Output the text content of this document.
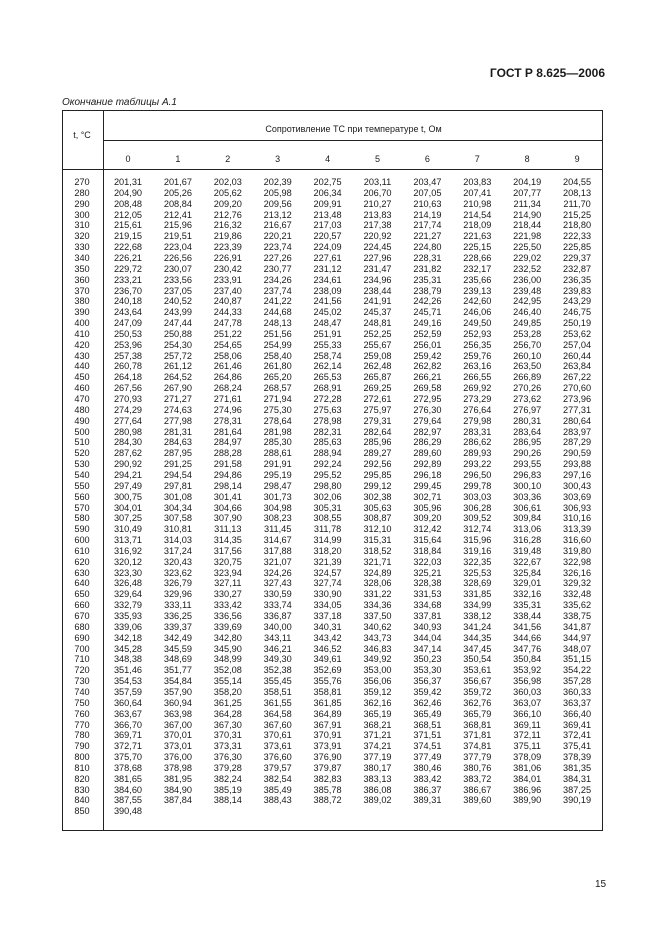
ГОСТ Р 8.625—2006
Окончание таблицы А.1
t, °C
Сопротивление ТС при температуре t, Ом
0	1	2	3	4	5	6	7	8	9
270	201,31	201,67	202,03	202,39	202,75	203,11	203,47	203,83	204,19	204,55
280	204,90	205,26	205,62	205,98	206,34	206,70	207,05	207,41	207,77	208,13
290	208,48	208,84	209,20	209,56	209,91	210,27	210,63	210,98	211,34	211,70
300	212,05	212,41	212,76	213,12	213,48	213,83	214,19	214,54	214,90	215,25
310	215,61	215,96	216,32	216,67	217,03	217,38	217,74	218,09	218,44	218,80
320	219,15	219,51	219,86	220,21	220,57	220,92	221,27	221,63	221,98	222,33
330	222,68	223,04	223,39	223,74	224,09	224,45	224,80	225,15	225,50	225,85
340	226,21	226,56	226,91	227,26	227,61	227,96	228,31	228,66	229,02	229,37
350	229,72	230,07	230,42	230,77	231,12	231,47	231,82	232,17	232,52	232,87
360	233,21	233,56	233,91	234,26	234,61	234,96	235,31	235,66	236,00	236,35
370	236,70	237,05	237,40	237,74	238,09	238,44	238,79	239,13	239,48	239,83
380	240,18	240,52	240,87	241,22	241,56	241,91	242,26	242,60	242,95	243,29
390	243,64	243,99	244,33	244,68	245,02	245,37	245,71	246,06	246,40	246,75
400	247,09	247,44	247,78	248,13	248,47	248,81	249,16	249,50	249,85	250,19
410	250,53	250,88	251,22	251,56	251,91	252,25	252,59	252,93	253,28	253,62
420	253,96	254,30	254,65	254,99	255,33	255,67	256,01	256,35	256,70	257,04
430	257,38	257,72	258,06	258,40	258,74	259,08	259,42	259,76	260,10	260,44
440	260,78	261,12	261,46	261,80	262,14	262,48	262,82	263,16	263,50	263,84
450	264,18	264,52	264,86	265,20	265,53	265,87	266,21	266,55	266,89	267,22
460	267,56	267,90	268,24	268,57	268,91	269,25	269,58	269,92	270,26	270,60
470	270,93	271,27	271,61	271,94	272,28	272,61	272,95	273,29	273,62	273,96
480	274,29	274,63	274,96	275,30	275,63	275,97	276,30	276,64	276,97	277,31
490	277,64	277,98	278,31	278,64	278,98	279,31	279,64	279,98	280,31	280,64
500	280,98	281,31	281,64	281,98	282,31	282,64	282,97	283,31	283,64	283,97
510	284,30	284,63	284,97	285,30	285,63	285,96	286,29	286,62	286,95	287,29
520	287,62	287,95	288,28	288,61	288,94	289,27	289,60	289,93	290,26	290,59
530	290,92	291,25	291,58	291,91	292,24	292,56	292,89	293,22	293,55	293,88
540	294,21	294,54	294,86	295,19	295,52	295,85	296,18	296,50	296,83	297,16
550	297,49	297,81	298,14	298,47	298,80	299,12	299,45	299,78	300,10	300,43
560	300,75	301,08	301,41	301,73	302,06	302,38	302,71	303,03	303,36	303,69
570	304,01	304,34	304,66	304,98	305,31	305,63	305,96	306,28	306,61	306,93
580	307,25	307,58	307,90	308,23	308,55	308,87	309,20	309,52	309,84	310,16
590	310,49	310,81	311,13	311,45	311,78	312,10	312,42	312,74	313,06	313,39
600	313,71	314,03	314,35	314,67	314,99	315,31	315,64	315,96	316,28	316,60
610	316,92	317,24	317,56	317,88	318,20	318,52	318,84	319,16	319,48	319,80
620	320,12	320,43	320,75	321,07	321,39	321,71	322,03	322,35	322,67	322,98
630	323,30	323,62	323,94	324,26	324,57	324,89	325,21	325,53	325,84	326,16
640	326,48	326,79	327,11	327,43	327,74	328,06	328,38	328,69	329,01	329,32
650	329,64	329,96	330,27	330,59	330,90	331,22	331,53	331,85	332,16	332,48
660	332,79	333,11	333,42	333,74	334,05	334,36	334,68	334,99	335,31	335,62
670	335,93	336,25	336,56	336,87	337,18	337,50	337,81	338,12	338,44	338,75
680	339,06	339,37	339,69	340,00	340,31	340,62	340,93	341,24	341,56	341,87
690	342,18	342,49	342,80	343,11	343,42	343,73	344,04	344,35	344,66	344,97
700	345,28	345,59	345,90	346,21	346,52	346,83	347,14	347,45	347,76	348,07
710	348,38	348,69	348,99	349,30	349,61	349,92	350,23	350,54	350,84	351,15
720	351,46	351,77	352,08	352,38	352,69	353,00	353,30	353,61	353,92	354,22
730	354,53	354,84	355,14	355,45	355,76	356,06	356,37	356,67	356,98	357,28
740	357,59	357,90	358,20	358,51	358,81	359,12	359,42	359,72	360,03	360,33
750	360,64	360,94	361,25	361,55	361,85	362,16	362,46	362,76	363,07	363,37
760	363,67	363,98	364,28	364,58	364,89	365,19	365,49	365,79	366,10	366,40
770	366,70	367,00	367,30	367,60	367,91	368,21	368,51	368,81	369,11	369,41
780	369,71	370,01	370,31	370,61	370,91	371,21	371,51	371,81	372,11	372,41
790	372,71	373,01	373,31	373,61	373,91	374,21	374,51	374,81	375,11	375,41
800	375,70	376,00	376,30	376,60	376,90	377,19	377,49	377,79	378,09	378,39
810	378,68	378,98	379,28	379,57	379,87	380,17	380,46	380,76	381,06	381,35
820	381,65	381,95	382,24	382,54	382,83	383,13	383,42	383,72	384,01	384,31
830	384,60	384,90	385,19	385,49	385,78	386,08	386,37	386,67	386,96	387,25
840	387,55	387,84	388,14	388,43	388,72	389,02	389,31	389,60	389,90	390,19
850	390,48
15
